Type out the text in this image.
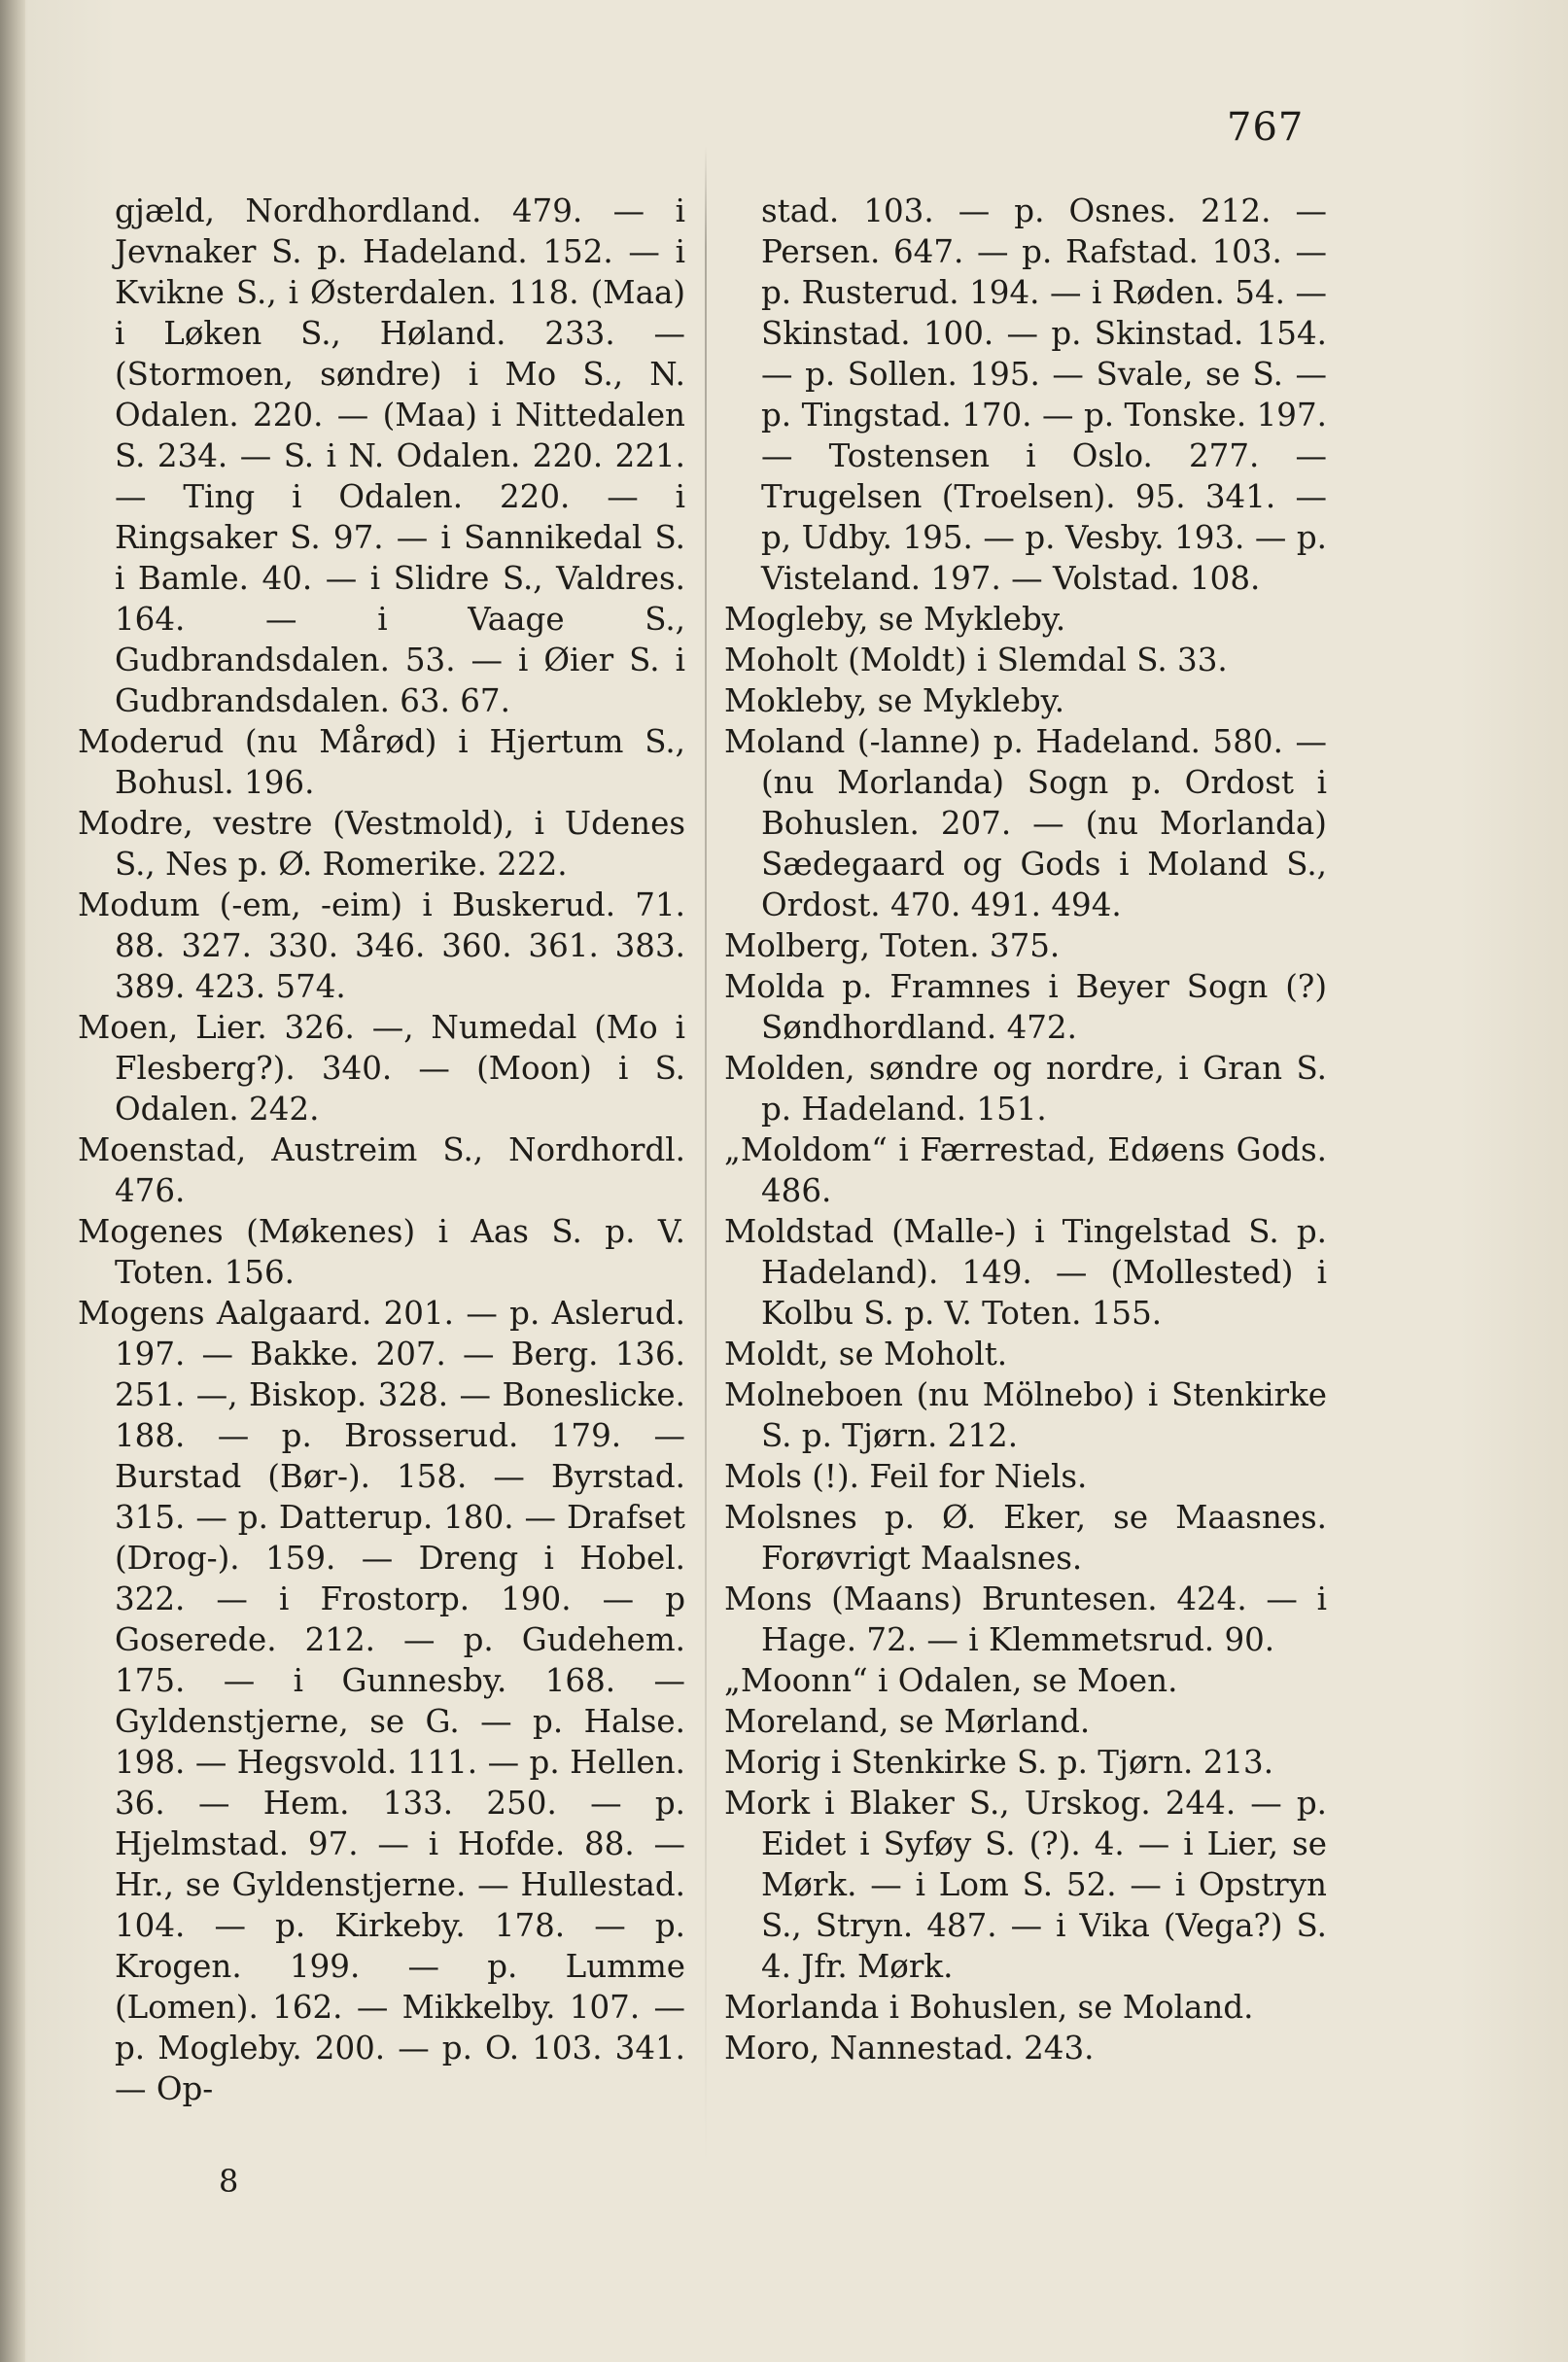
767

gjæld, Nordhordland. 479. — i Jevnaker S. p. Hadeland. 152. — i Kvikne S., i Østerdalen. 118. (Maa) i Løken S., Høland. 233. — (Stormoen, søndre) i Mo S., N. Odalen. 220. — (Maa) i Nittedalen S. 234. — S. i N. Odalen. 220. 221. — Ting i Odalen. 220. — i Ringsaker S. 97. — i Sannikedal S. i Bamle. 40. — i Slidre S., Valdres. 164. — i Vaage S., Gudbrandsdalen. 53. — i Øier S. i Gudbrandsdalen. 63. 67.

Moderud (nu Mårød) i Hjertum S., Bohusl. 196.

Modre, vestre (Vestmold), i Udenes S., Nes p. Ø. Romerike. 222.

Modum (-em, -eim) i Buskerud. 71. 88. 327. 330. 346. 360. 361. 383. 389. 423. 574.

Moen, Lier. 326. —, Numedal (Mo i Flesberg?). 340. — (Moon) i S. Odalen. 242.

Moenstad, Austreim S., Nordhordl. 476.

Mogenes (Møkenes) i Aas S. p. V. Toten. 156.

Mogens Aalgaard. 201. — p. Aslerud. 197. — Bakke. 207. — Berg. 136. 251. —, Biskop. 328. — Boneslicke. 188. — p. Brosserud. 179. — Burstad (Bør-). 158. — Byrstad. 315. — p. Datterup. 180. — Drafset (Drog-). 159. — Dreng i Hobel. 322. — i Frostorp. 190. — p Goserede. 212. — p. Gudehem. 175. — i Gunnesby. 168. — Gyldenstjerne, se G. — p. Halse. 198. — Hegsvold. 111. — p. Hellen. 36. — Hem. 133. 250. — p. Hjelmstad. 97. — i Hofde. 88. — Hr., se Gyldenstjerne. — Hullestad. 104. — p. Kirkeby. 178. — p. Krogen. 199. — p. Lumme (Lomen). 162. — Mikkelby. 107. — p. Mogleby. 200. — p. O. 103. 341. — Op-

8

stad. 103. — p. Osnes. 212. — Persen. 647. — p. Rafstad. 103. — p. Rusterud. 194. — i Røden. 54. — Skinstad. 100. — p. Skinstad. 154. — p. Sollen. 195. — Svale, se S. — p. Tingstad. 170. — p. Tonske. 197. — Tostensen i Oslo. 277. — Trugelsen (Troelsen). 95. 341. — p, Udby. 195. — p. Vesby. 193. — p. Visteland. 197. — Volstad. 108.

Mogleby, se Mykleby.

Moholt (Moldt) i Slemdal S. 33.

Mokleby, se Mykleby.

Moland (-lanne) p. Hadeland. 580. — (nu Morlanda) Sogn p. Ordost i Bohuslen. 207. — (nu Morlanda) Sædegaard og Gods i Moland S., Ordost. 470. 491. 494.

Molberg, Toten. 375.

Molda p. Framnes i Beyer Sogn (?) Søndhordland. 472.

Molden, søndre og nordre, i Gran S. p. Hadeland. 151.

„Moldom“ i Færrestad, Edøens Gods. 486.

Moldstad (Malle-) i Tingelstad S. p. Hadeland). 149. — (Mollested) i Kolbu S. p. V. Toten. 155.

Moldt, se Moholt.

Molneboen (nu Mölnebo) i Stenkirke S. p. Tjørn. 212.

Mols (!). Feil for Niels.

Molsnes p. Ø. Eker, se Maasnes. Forøvrigt Maalsnes.

Mons (Maans) Bruntesen. 424. — i Hage. 72. — i Klemmetsrud. 90.

„Moonn“ i Odalen, se Moen.

Moreland, se Mørland.

Morig i Stenkirke S. p. Tjørn. 213.

Mork i Blaker S., Urskog. 244. — p. Eidet i Syføy S. (?). 4. — i Lier, se Mørk. — i Lom S. 52. — i Opstryn S., Stryn. 487. — i Vika (Vega?) S. 4. Jfr. Mørk.

Morlanda i Bohuslen, se Moland.

Moro, Nannestad. 243.
